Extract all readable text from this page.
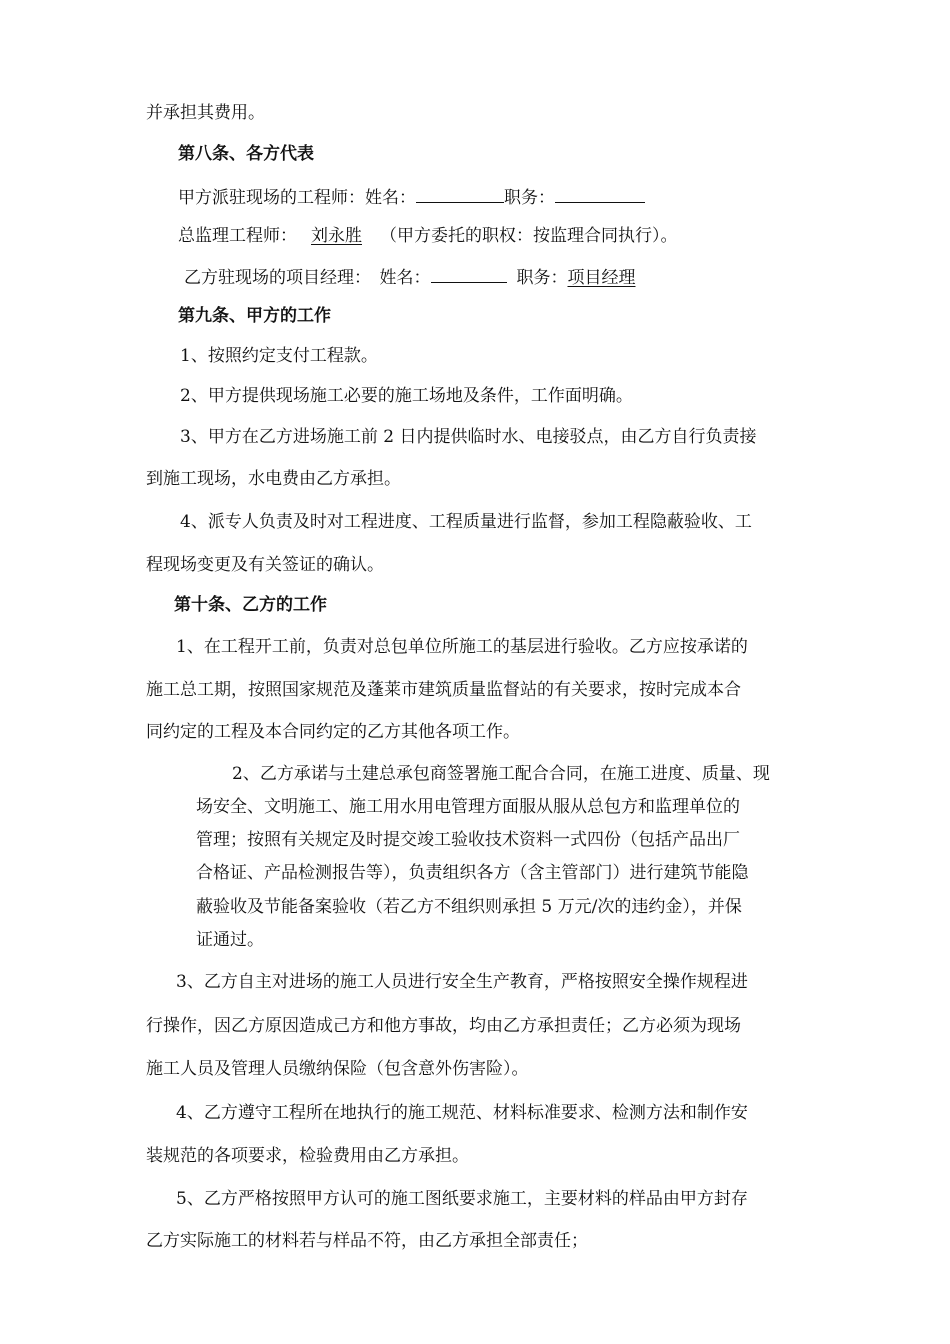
并承担其费用。
第八条、各方代表
甲方派驻现场的工程师：姓名：	职务：
总监理工程师： 刘永胜 （甲方委托的职权：按监理合同执行）。
乙方驻现场的项目经理：　姓名：	职务：项目经理
第九条、甲方的工作
1、按照约定支付工程款。
2、甲方提供现场施工必要的施工场地及条件，工作面明确。
3、甲方在乙方进场施工前 2 日内提供临时水、电接驳点，由乙方自行负责接
到施工现场，水电费由乙方承担。
4、派专人负责及时对工程进度、工程质量进行监督，参加工程隐蔽验收、工
程现场变更及有关签证的确认。
第十条、乙方的工作
1、在工程开工前，负责对总包单位所施工的基层进行验收。乙方应按承诺的
施工总工期，按照国家规范及蓬莱市建筑质量监督站的有关要求，按时完成本合
同约定的工程及本合同约定的乙方其他各项工作。
2、乙方承诺与土建总承包商签署施工配合合同，在施工进度、质量、现
场安全、文明施工、施工用水用电管理方面服从服从总包方和监理单位的
管理；按照有关规定及时提交竣工验收技术资料一式四份（包括产品出厂
合格证、产品检测报告等），负责组织各方（含主管部门）进行建筑节能隐
蔽验收及节能备案验收（若乙方不组织则承担 5 万元/次的违约金），并保
证通过。
3、乙方自主对进场的施工人员进行安全生产教育，严格按照安全操作规程进
行操作，因乙方原因造成己方和他方事故，均由乙方承担责任；乙方必须为现场
施工人员及管理人员缴纳保险（包含意外伤害险）。
4、乙方遵守工程所在地执行的施工规范、材料标准要求、检测方法和制作安
装规范的各项要求，检验费用由乙方承担。
5、乙方严格按照甲方认可的施工图纸要求施工，主要材料的样品由甲方封存
乙方实际施工的材料若与样品不符，由乙方承担全部责任；
